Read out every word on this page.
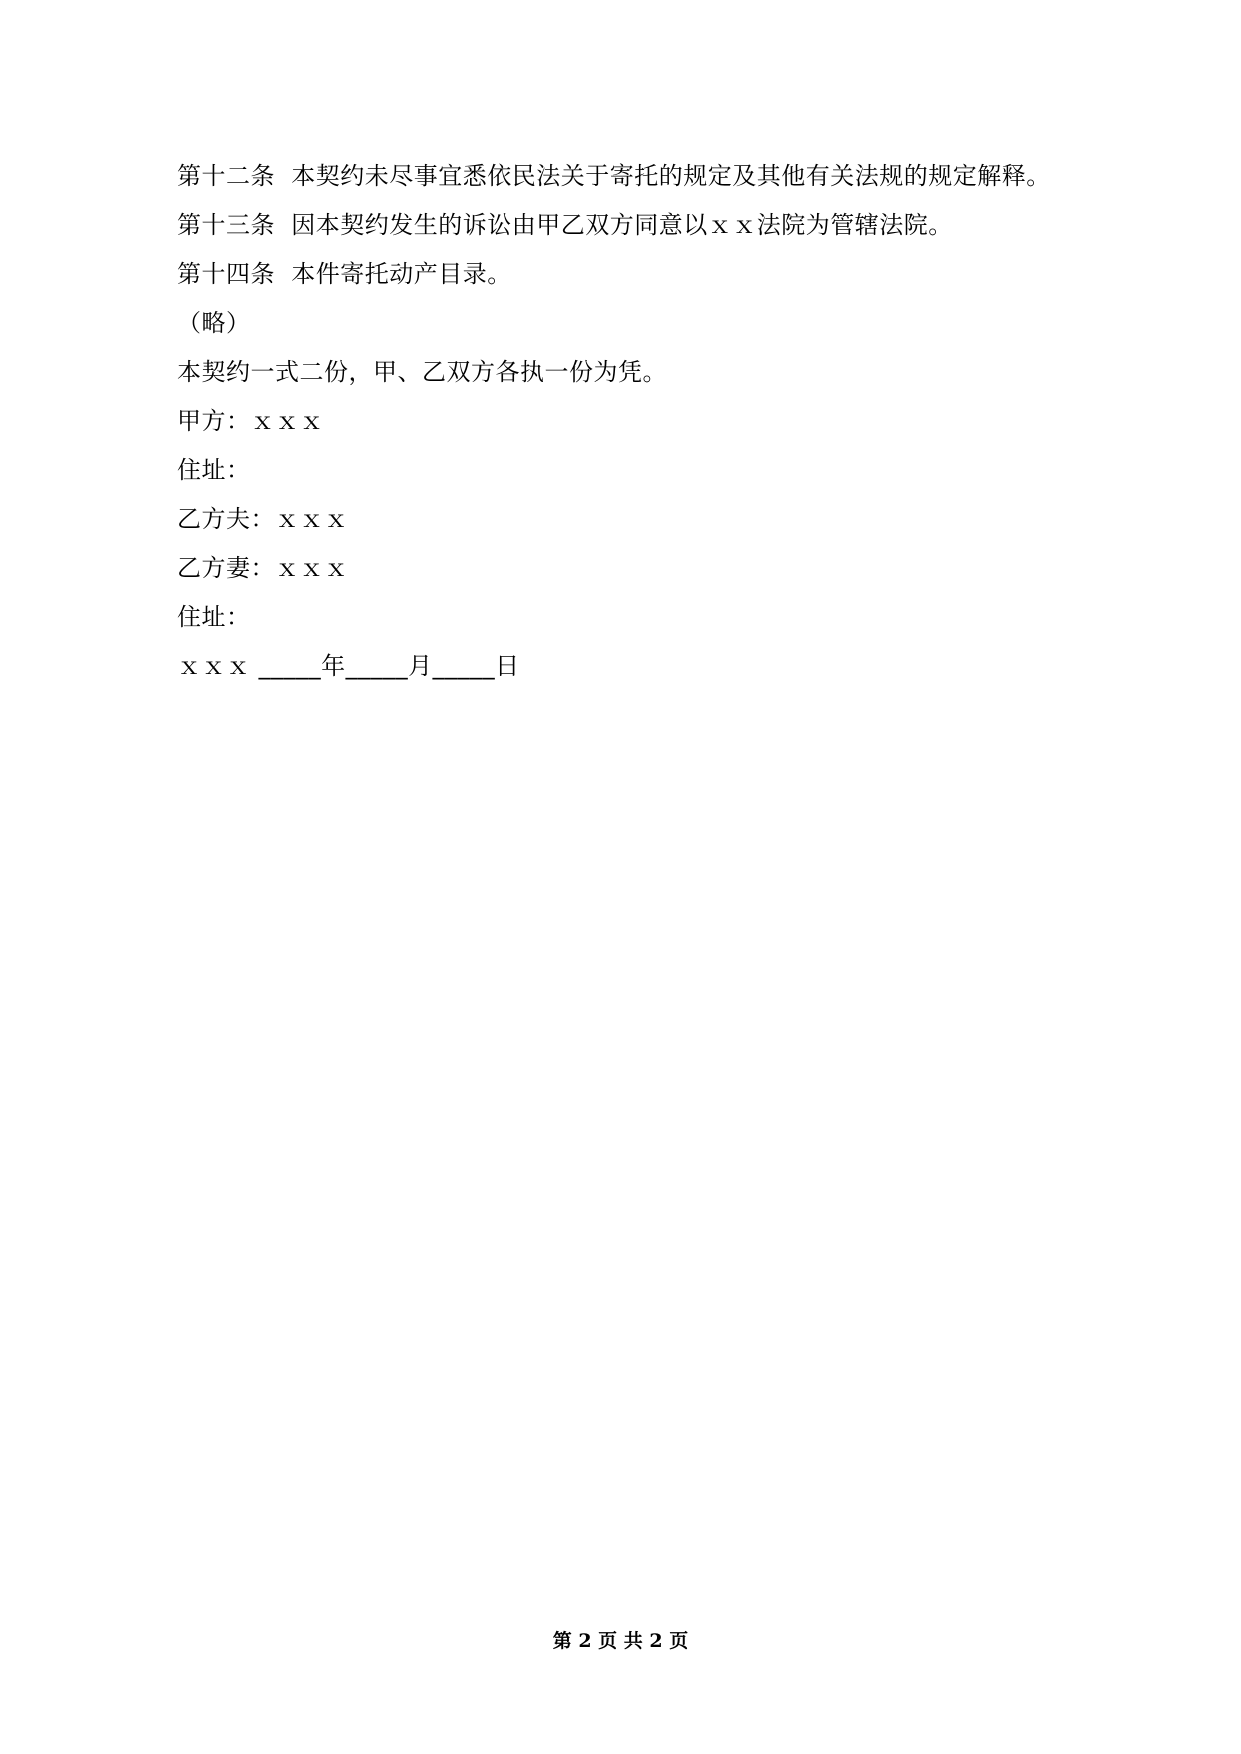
第十二条  本契约未尽事宜悉依民法关于寄托的规定及其他有关法规的规定解释。
第十三条  因本契约发生的诉讼由甲乙双方同意以ｘｘ法院为管辖法院。
第十四条  本件寄托动产目录。
（略）
本契约一式二份，甲、乙双方各执一份为凭。
甲方：ｘｘｘ
住址：
乙方夫：ｘｘｘ
乙方妻：ｘｘｘ
住址：
ｘｘｘ _____年_____月_____日
第 2 页 共 2 页
